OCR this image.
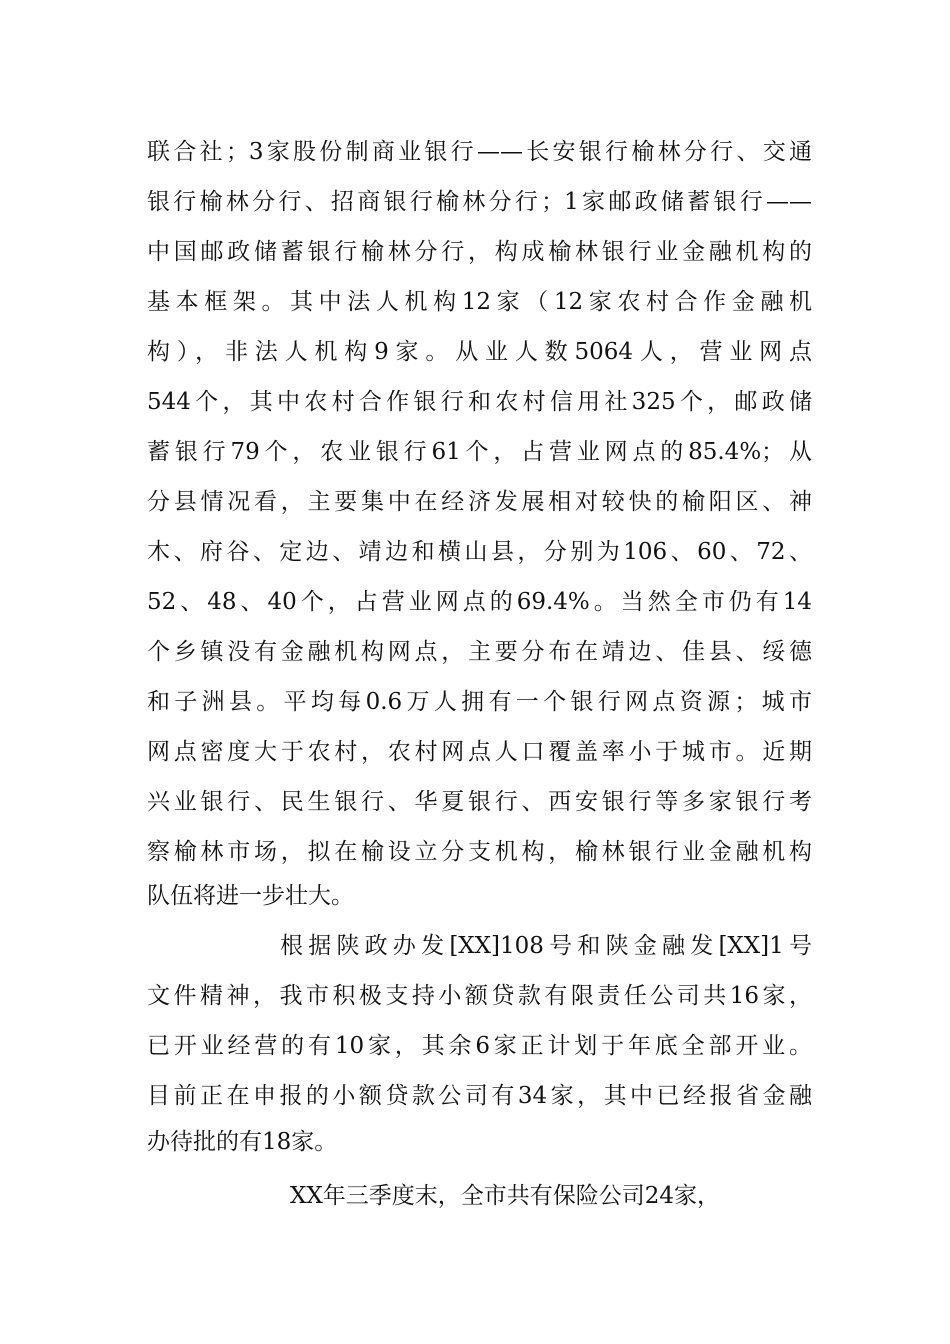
联合社；3家股份制商业银行——长安银行榆林分行、交通
银行榆林分行、招商银行榆林分行；1家邮政储蓄银行——
中国邮政储蓄银行榆林分行，构成榆林银行业金融机构的
基本框架。其中法人机构12家（12家农村合作金融机
构），非法人机构9家。从业人数5064人，营业网点
544个，其中农村合作银行和农村信用社325个，邮政储
蓄银行79个，农业银行61个，占营业网点的85.4%；从
分县情况看，主要集中在经济发展相对较快的榆阳区、神
木、府谷、定边、靖边和横山县，分别为106、60、72、
52、48、40个，占营业网点的69.4%。当然全市仍有14
个乡镇没有金融机构网点，主要分布在靖边、佳县、绥德
和子洲县。平均每0.6万人拥有一个银行网点资源；城市
网点密度大于农村，农村网点人口覆盖率小于城市。近期
兴业银行、民生银行、华夏银行、西安银行等多家银行考
察榆林市场，拟在榆设立分支机构，榆林银行业金融机构
队伍将进一步壮大。
根据陕政办发[XX]108号和陕金融发[XX]1号
文件精神，我市积极支持小额贷款有限责任公司共16家，
已开业经营的有10家，其余6家正计划于年底全部开业。
目前正在申报的小额贷款公司有34家，其中已经报省金融
办待批的有18家。
XX年三季度末，全市共有保险公司24家，
